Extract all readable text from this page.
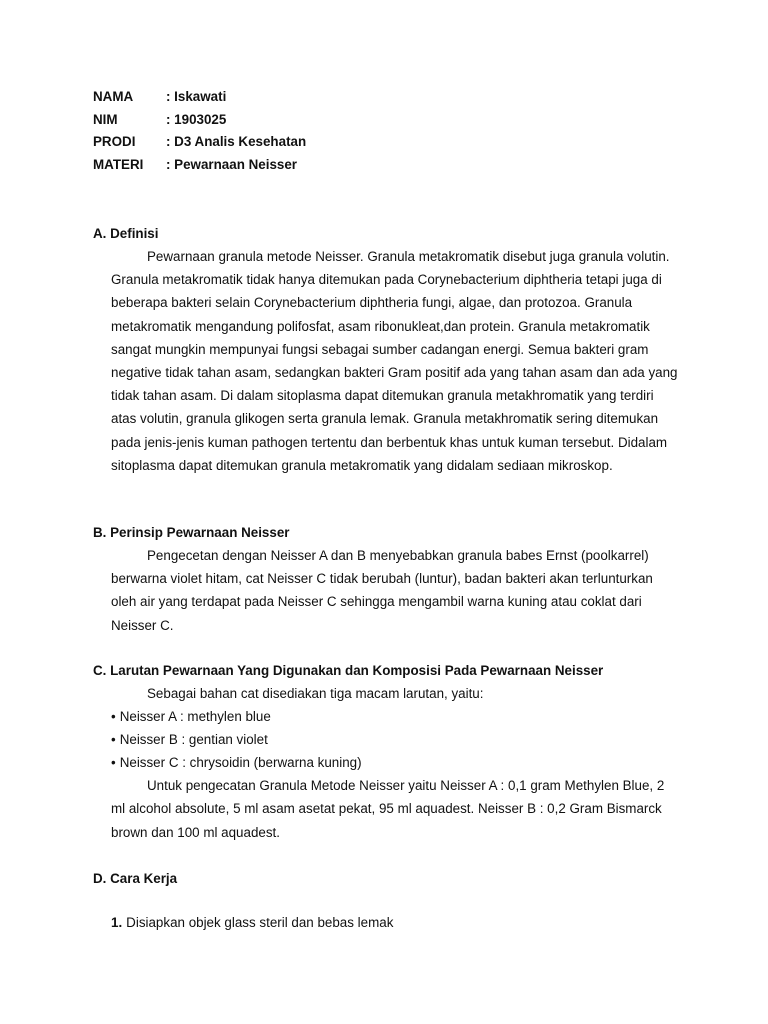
NAMA	: Iskawati
NIM	: 1903025
PRODI	: D3 Analis Kesehatan
MATERI	: Pewarnaan Neisser
A. Definisi
Pewarnaan granula metode Neisser. Granula metakromatik disebut juga granula volutin. Granula metakromatik tidak hanya ditemukan pada Corynebacterium diphtheria tetapi juga di beberapa bakteri selain Corynebacterium diphtheria fungi, algae, dan protozoa. Granula metakromatik mengandung polifosfat, asam ribonukleat,dan protein. Granula metakromatik sangat mungkin mempunyai fungsi sebagai sumber cadangan energi. Semua bakteri gram negative tidak tahan asam, sedangkan bakteri Gram positif ada yang tahan asam dan ada yang tidak tahan asam. Di dalam sitoplasma dapat ditemukan granula metakhromatik yang terdiri atas volutin, granula glikogen serta granula lemak. Granula metakhromatik sering ditemukan pada jenis-jenis kuman pathogen tertentu dan berbentuk khas untuk kuman tersebut. Didalam sitoplasma dapat ditemukan granula metakromatik yang didalam sediaan mikroskop.
B. Perinsip Pewarnaan Neisser
Pengecetan dengan Neisser A dan B menyebabkan granula babes Ernst (poolkarrel) berwarna violet hitam, cat Neisser C tidak berubah (luntur), badan bakteri akan terlunturkan oleh air yang terdapat pada Neisser C sehingga mengambil warna kuning atau coklat dari Neisser C.
C. Larutan Pewarnaan Yang Digunakan dan Komposisi Pada Pewarnaan Neisser
Sebagai bahan cat disediakan tiga macam larutan, yaitu:
• Neisser A : methylen blue
• Neisser B : gentian violet
• Neisser C : chrysoidin (berwarna kuning)
Untuk pengecatan Granula Metode Neisser yaitu Neisser A : 0,1 gram Methylen Blue, 2 ml alcohol absolute, 5 ml asam asetat pekat, 95 ml aquadest. Neisser B : 0,2 Gram Bismarck brown dan 100 ml aquadest.
D. Cara Kerja
1. Disiapkan objek glass steril dan bebas lemak
